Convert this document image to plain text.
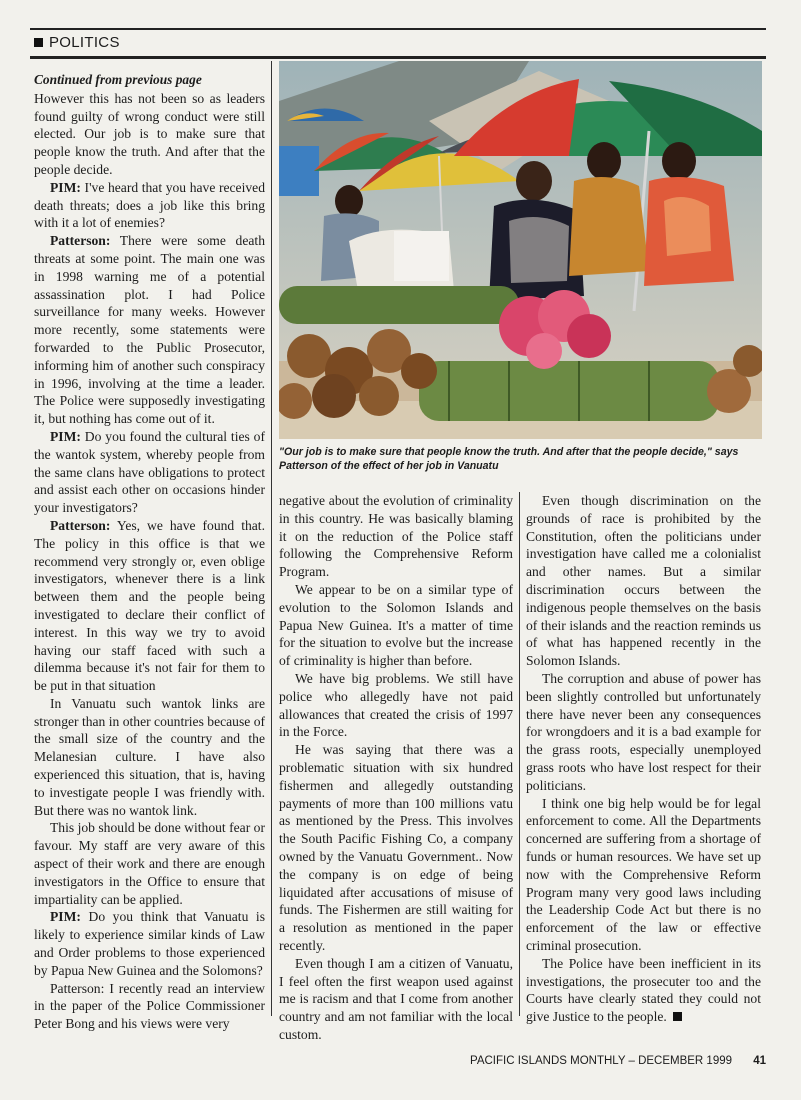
POLITICS
Continued from previous page

However this has not been so as leaders found guilty of wrong conduct were still elected. Our job is to make sure that people know the truth. And after that the people decide.

PIM: I've heard that you have received death threats; does a job like this bring with it a lot of enemies?

Patterson: There were some death threats at some point. The main one was in 1998 warning me of a potential assassination plot. I had Police surveillance for many weeks. However more recently, some statements were forwarded to the Public Prosecutor, informing him of another such conspiracy in 1996, involving at the time a leader. The Police were supposedly investigating it, but nothing has come out of it.

PIM: Do you found the cultural ties of the wantok system, whereby people from the same clans have obligations to protect and assist each other on occasions hinder your investigators?

Patterson: Yes, we have found that. The policy in this office is that we recommend very strongly or, even oblige investigators, whenever there is a link between them and the people being investigated to declare their conflict of interest. In this way we try to avoid having our staff faced with such a dilemma because it's not fair for them to be put in that situation

In Vanuatu such wantok links are stronger than in other countries because of the small size of the country and the Melanesian culture. I have also experienced this situation, that is, having to investigate people I was friendly with. But there was no wantok link.

This job should be done without fear or favour. My staff are very aware of this aspect of their work and there are enough investigators in the Office to ensure that impartiality can be applied.

PIM: Do you think that Vanuatu is likely to experience similar kinds of Law and Order problems to those experienced by Papua New Guinea and the Solomons?

Patterson: I recently read an interview in the paper of the Police Commissioner Peter Bong and his views were very

"Our job is to make sure that people know the truth. And after that the people decide," says Patterson of the effect of her job in Vanuatu

negative about the evolution of criminality in this country. He was basically blaming it on the reduction of the Police staff following the Comprehensive Reform Program.

We appear to be on a similar type of evolution to the Solomon Islands and Papua New Guinea. It's a matter of time for the situation to evolve but the increase of criminality is higher than before.

We have big problems. We still have police who allegedly have not paid allowances that created the crisis of 1997 in the Force.

He was saying that there was a problematic situation with six hundred fishermen and allegedly outstanding payments of more than 100 millions vatu as mentioned by the Press. This involves the South Pacific Fishing Co, a company owned by the Vanuatu Government.. Now the company is on edge of being liquidated after accusations of misuse of funds. The Fishermen are still waiting for a resolution as mentioned in the paper recently.

Even though I am a citizen of Vanuatu, I feel often the first weapon used against me is racism and that I come from another country and am not familiar with the local custom.

Even though discrimination on the grounds of race is prohibited by the Constitution, often the politicians under investigation have called me a colonialist and other names. But a similar discrimination occurs between the indigenous people themselves on the basis of their islands and the reaction reminds us of what has happened recently in the Solomon Islands.

The corruption and abuse of power has been slightly controlled but unfortunately there have never been any consequences for wrongdoers and it is a bad example for the grass roots, especially unemployed grass roots who have lost respect for their politicians.

I think one big help would be for legal enforcement to come. All the Departments concerned are suffering from a shortage of funds or human resources. We have set up now with the Comprehensive Reform Program many very good laws including the Leadership Code Act but there is no enforcement of the law or effective criminal prosecution.

The Police have been inefficient in its investigations, the prosecuter too and the Courts have clearly stated they could not give Justice to the people.

PACIFIC ISLANDS MONTHLY – DECEMBER 1999 41
